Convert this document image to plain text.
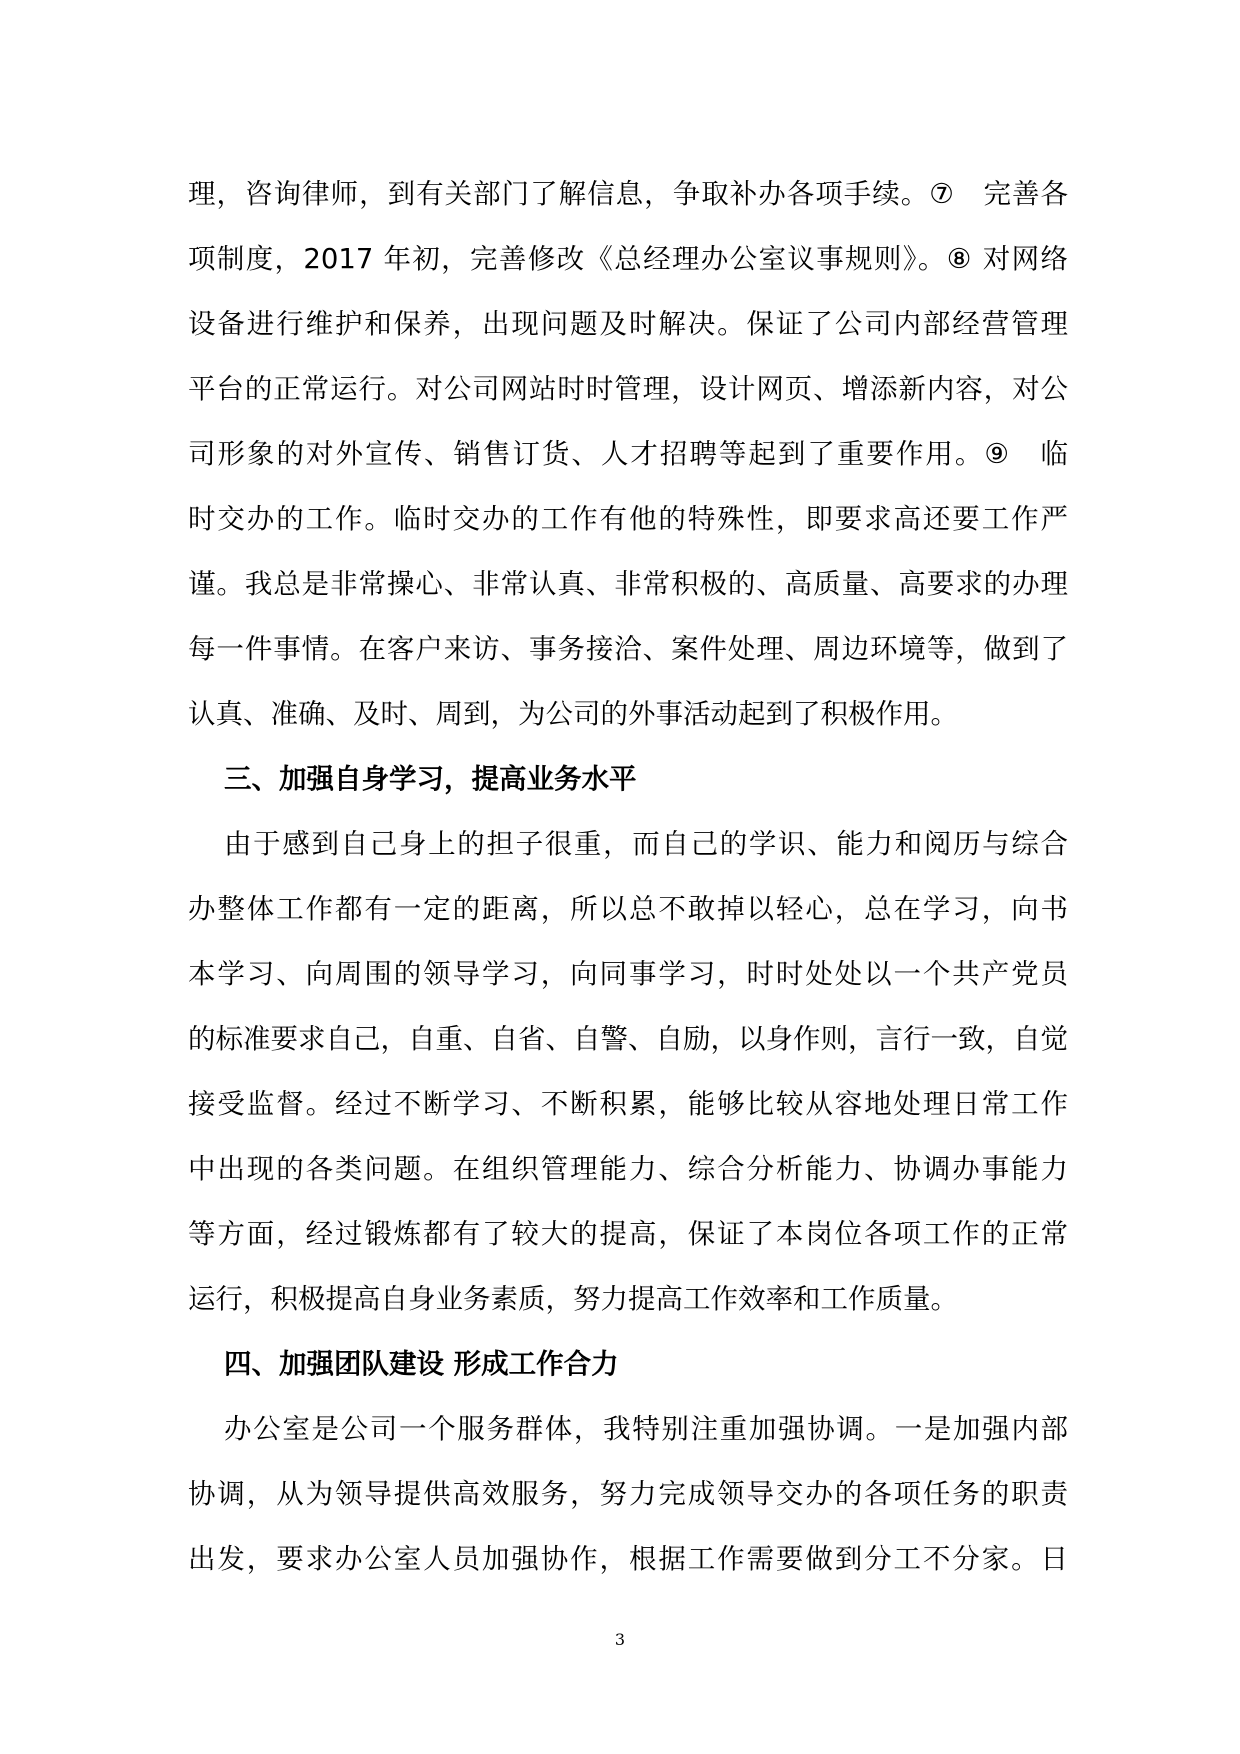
理，咨询律师，到有关部门了解信息，争取补办各项手续。⑦　完善各
项制度，2017 年初，完善修改《总经理办公室议事规则》。⑧ 对网络
设备进行维护和保养，出现问题及时解决。保证了公司内部经营管理
平台的正常运行。对公司网站时时管理，设计网页、增添新内容，对公
司形象的对外宣传、销售订货、人才招聘等起到了重要作用。⑨　临
时交办的工作。临时交办的工作有他的特殊性，即要求高还要工作严
谨。我总是非常操心、非常认真、非常积极的、高质量、高要求的办理
每一件事情。在客户来访、事务接洽、案件处理、周边环境等，做到了
认真、准确、及时、周到，为公司的外事活动起到了积极作用。
三、加强自身学习，提高业务水平
由于感到自己身上的担子很重，而自己的学识、能力和阅历与综合
办整体工作都有一定的距离，所以总不敢掉以轻心，总在学习，向书
本学习、向周围的领导学习，向同事学习，时时处处以一个共产党员
的标准要求自己，自重、自省、自警、自励，以身作则，言行一致，自觉
接受监督。经过不断学习、不断积累，能够比较从容地处理日常工作
中出现的各类问题。在组织管理能力、综合分析能力、协调办事能力
等方面，经过锻炼都有了较大的提高，保证了本岗位各项工作的正常
运行，积极提高自身业务素质，努力提高工作效率和工作质量。
四、加强团队建设 形成工作合力
办公室是公司一个服务群体，我特别注重加强协调。一是加强内部
协调，从为领导提供高效服务，努力完成领导交办的各项任务的职责
出发，要求办公室人员加强协作，根据工作需要做到分工不分家。日
3
